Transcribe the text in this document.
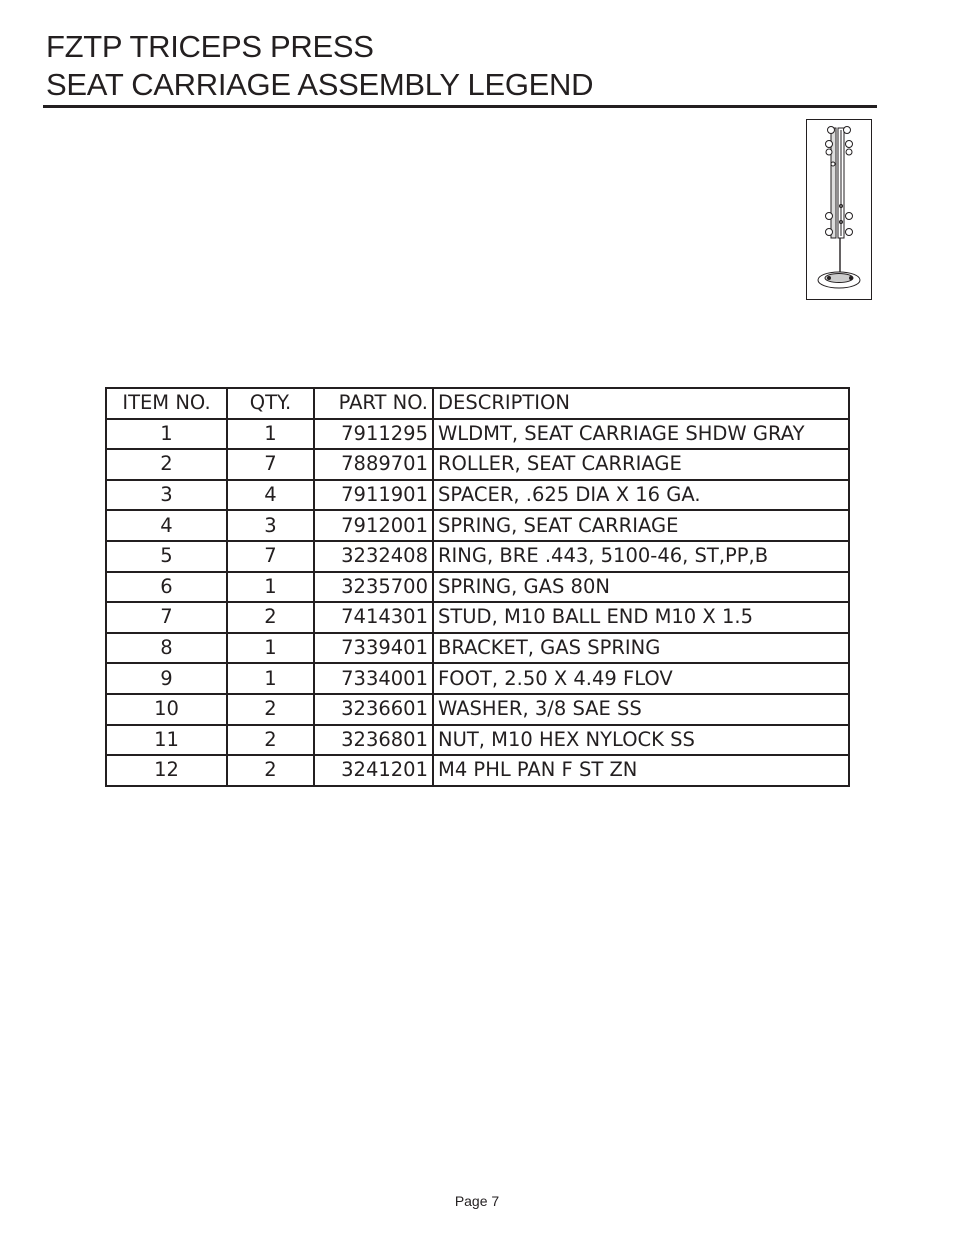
FZTP TRICEPS PRESS
SEAT CARRIAGE ASSEMBLY LEGEND
ITEM NO.	QTY.	PART NO.	DESCRIPTION
1	1	7911295	WLDMT, SEAT CARRIAGE SHDW GRAY
2	7	7889701	ROLLER, SEAT CARRIAGE
3	4	7911901	SPACER, .625 DIA X 16 GA.
4	3	7912001	SPRING, SEAT CARRIAGE
5	7	3232408	RING, BRE .443, 5100-46, ST,PP,B
6	1	3235700	SPRING, GAS 80N
7	2	7414301	STUD, M10 BALL END M10 X 1.5
8	1	7339401	BRACKET, GAS SPRING
9	1	7334001	FOOT, 2.50 X 4.49 FLOV
10	2	3236601	WASHER, 3/8 SAE SS
11	2	3236801	NUT, M10 HEX NYLOCK SS
12	2	3241201	M4 PHL PAN F ST ZN
Page 7
